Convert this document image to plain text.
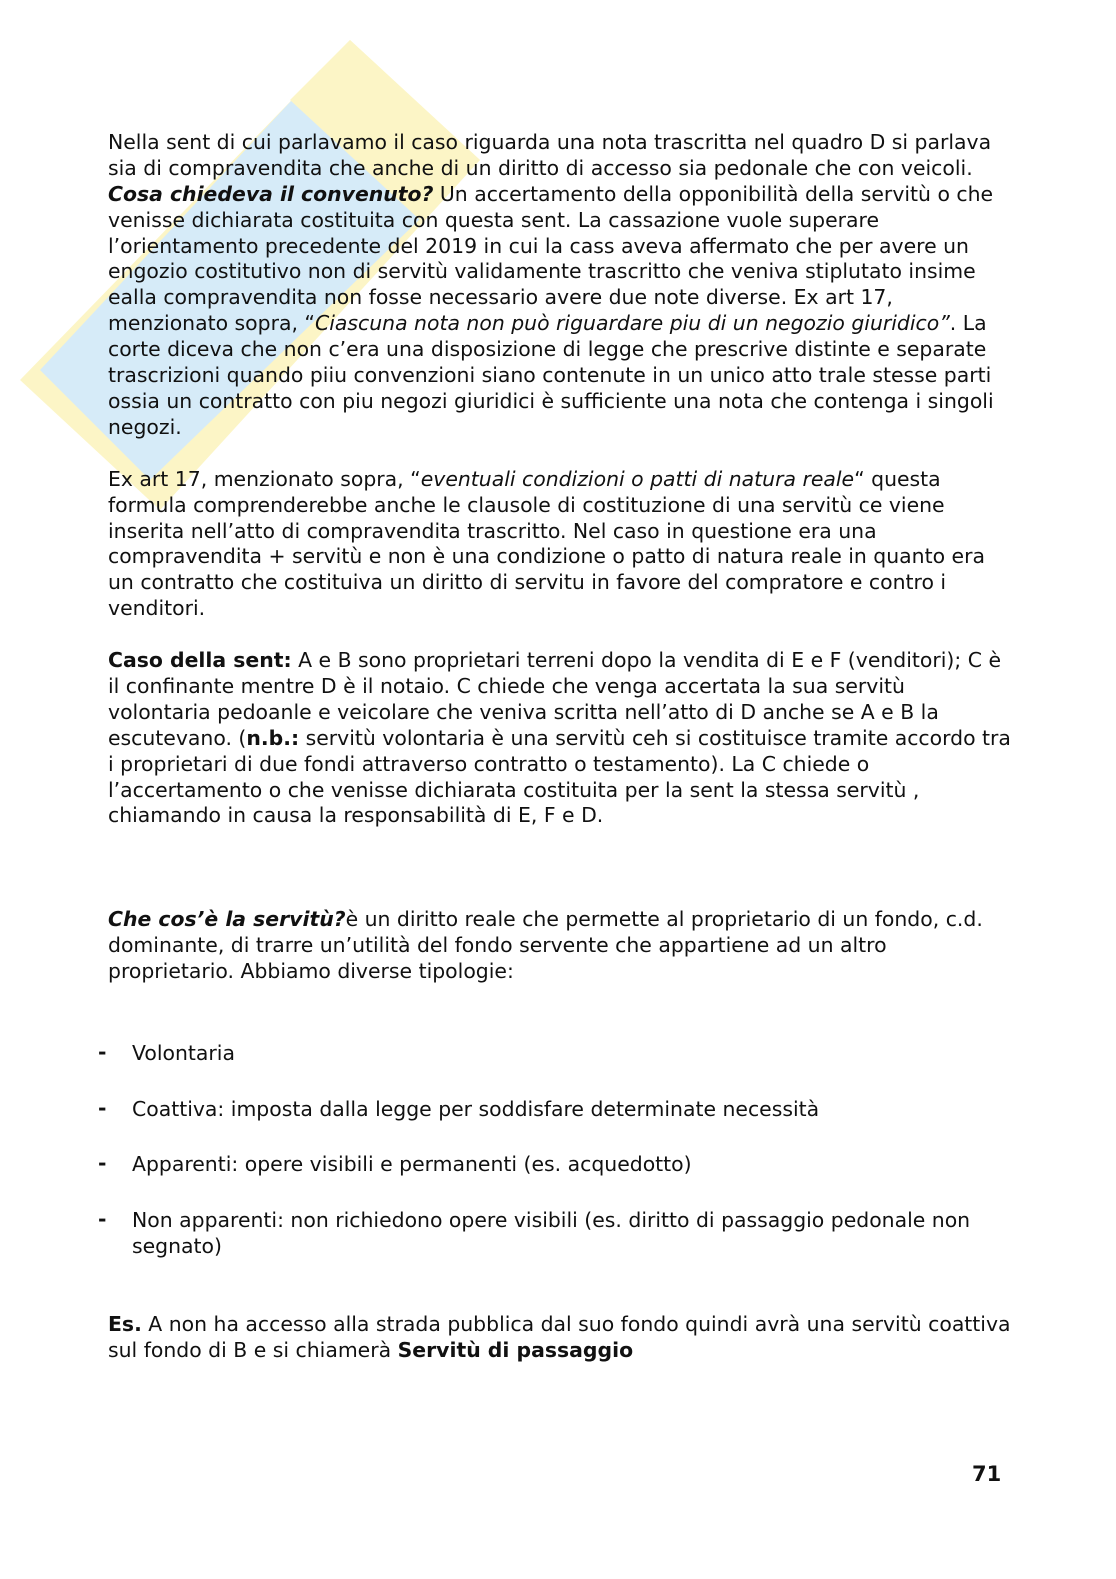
Nella sent di cui parlavamo il caso riguarda una nota trascritta nel quadro D si parlava sia di compravendita che anche di un diritto di accesso sia pedonale che con veicoli. Cosa chiedeva il convenuto? Un accertamento della opponibilità della servitù o che venisse dichiarata costituita con questa sent. La cassazione vuole superare l’orientamento precedente del 2019 in cui la cass aveva affermato che per avere un engozio costitutivo non di servitù validamente trascritto che veniva stiplutato insime ealla compravendita non fosse necessario avere due note diverse. Ex art 17, menzionato sopra, “Ciascuna nota non può riguardare piu di un negozio giuridico”. La corte diceva che non c’era una disposizione di legge che prescrive distinte e separate trascrizioni quando piiu convenzioni siano contenute in un unico atto trale stesse parti ossia un contratto con piu negozi giuridici è sufficiente una nota che contenga i singoli negozi.

Ex art 17, menzionato sopra, “eventuali condizioni o patti di natura reale“ questa formula comprenderebbe anche le clausole di costituzione di una servitù ce viene inserita nell’atto di compravendita trascritto. Nel caso in questione era una compravendita + servitù e non è una condizione o patto di natura reale in quanto era un contratto che costituiva un diritto di servitu in favore del compratore e contro i venditori.

Caso della sent: A e B sono proprietari terreni dopo la vendita di E e F (venditori); C è il confinante mentre D è il notaio. C chiede che venga accertata la sua servitù volontaria pedoanle e veicolare che veniva scritta nell’atto di D anche se A e B la escutevano. (n.b.: servitù volontaria è una servitù ceh si costituisce tramite accordo tra i proprietari di due fondi attraverso contratto o testamento). La C chiede o l’accertamento o che venisse dichiarata costituita per la sent la stessa servitù , chiamando in causa la responsabilità di E, F e D.

Che cos’è la servitù?è un diritto reale che permette al proprietario di un fondo, c.d. dominante, di trarre un’utilità del fondo servente che appartiene ad un altro proprietario. Abbiamo diverse tipologie:

- Volontaria

- Coattiva: imposta dalla legge per soddisfare determinate necessità

- Apparenti: opere visibili e permanenti (es. acquedotto)

- Non apparenti: non richiedono opere visibili (es. diritto di passaggio pedonale non segnato)

Es. A non ha accesso alla strada pubblica dal suo fondo quindi avrà una servitù coattiva sul fondo di B e si chiamerà Servitù di passaggio

71
